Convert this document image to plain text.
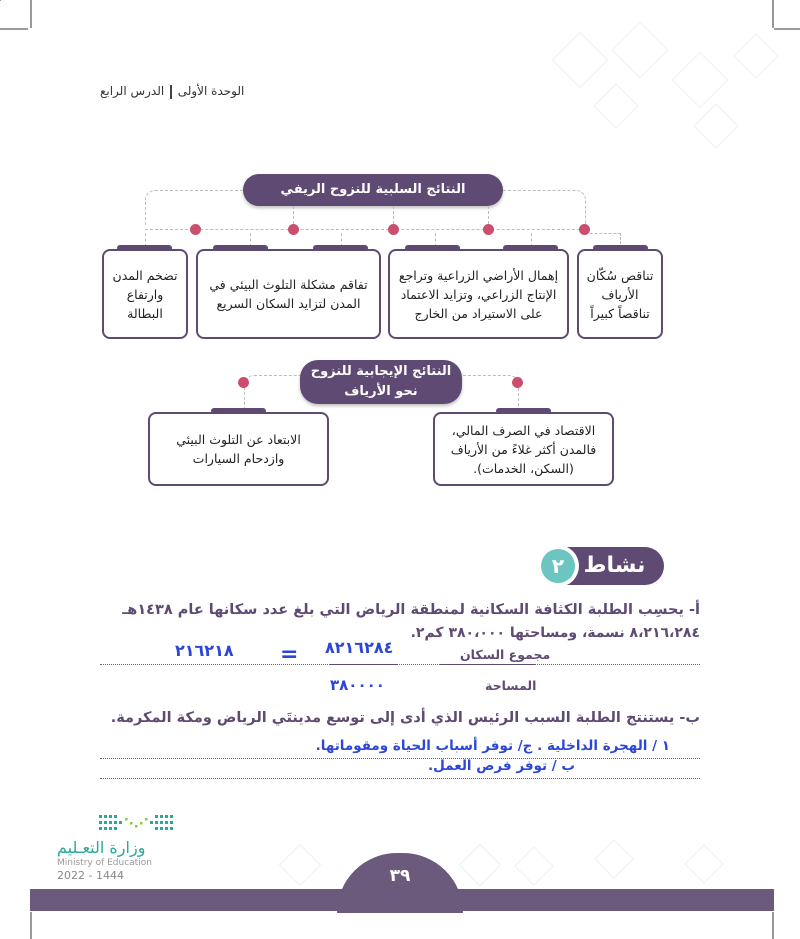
الوحدة الأولىالدرس الرابع
النتائج السلبية للنزوح الريفي
تضخم المدن وارتفاع البطالة
تفاقم مشكلة التلوث البيئي في المدن لتزايد السكان السريع
إهمال الأراضي الزراعية وتراجع الإنتاج الزراعي، وتزايد الاعتماد على الاستيراد من الخارج
تناقص سُكّان الأرياف تناقصاً كبيراً
النتائج الإيجابية للنزوح نحو الأرياف
الابتعاد عن التلوث البيئي وازدحام السيارات
الاقتصاد في الصرف المالي، فالمدن أكثر غلاءً من الأرياف (السكن، الخدمات).
نشاط
٢
أ- يحسِب الطلبة الكثافة السكانية لمنطقة الرياض التي بلغ عدد سكانها عام ١٤٣٨هـ
٨،٢١٦،٢٨٤ نسمة، ومساحتها ٣٨٠،٠٠٠ كم٢.
٢١٦٢١٨ = ٨٢١٦٢٨٤	مجموع السكان
٣٨٠٠٠٠	المساحة
ب- يستنتج الطلبة السبب الرئيس الذي أدى إلى توسع مدينتَي الرياض ومكة المكرمة.
١ / الهجرة الداخلية . ج/ توفر أسباب الحياة ومقوماتها.
ب / توفر فرص العمل.
٣٩
وزارة التعـليم
Ministry of Education
2022 - 1444
